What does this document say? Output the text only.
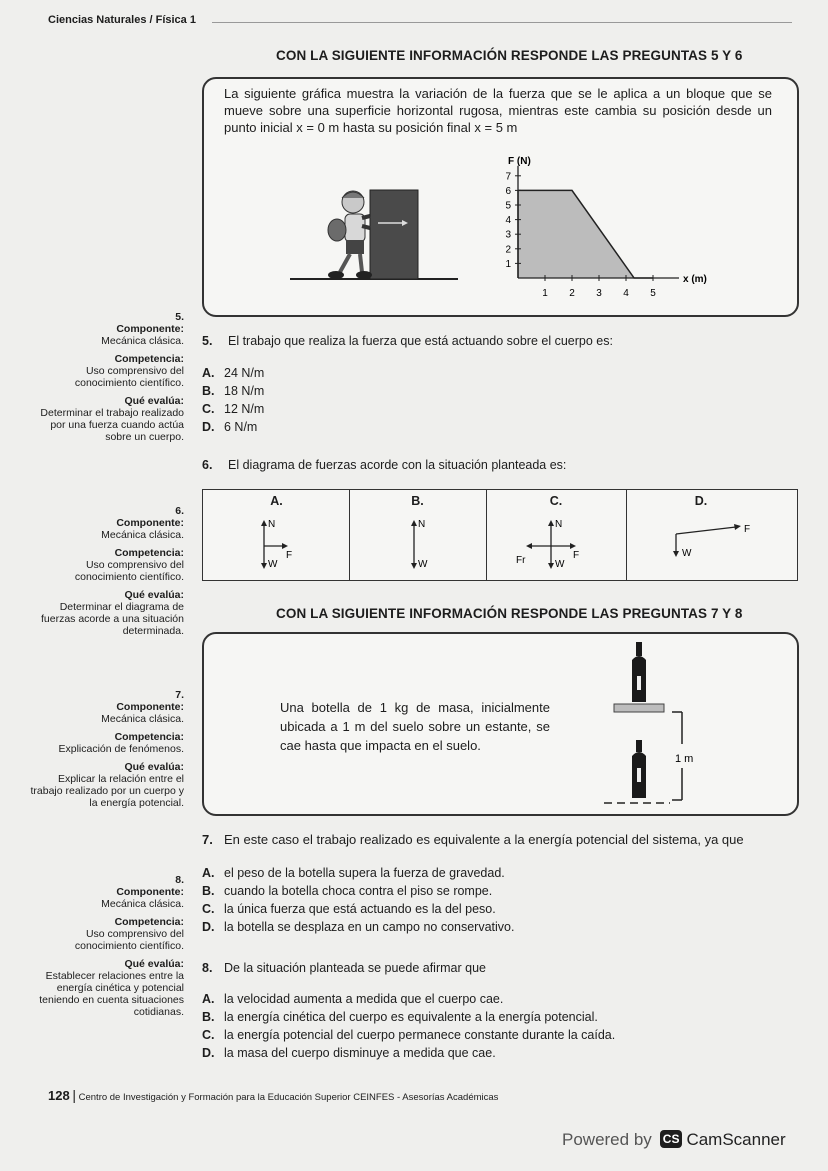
Ciencias Naturales / Física 1
CON LA SIGUIENTE INFORMACIÓN RESPONDE LAS PREGUNTAS 5 Y 6
La siguiente gráfica muestra la variación de la fuerza que se le aplica a un bloque que se mueve sobre una superficie horizontal rugosa, mientras este cambia su posición desde un punto inicial x = 0 m hasta su posición final x = 5 m
1
2
3
4
5
6
7
1 2 3 4 5
F (N)
x (m)
5.
Componente:
Mecánica clásica.
Competencia:
Uso comprensivo del conocimiento científico.
Qué evalúa:
Determinar el trabajo realizado por una fuerza cuando actúa sobre un cuerpo.
5. El trabajo que realiza la fuerza que está actuando sobre el cuerpo es:
A. 24 N/m
B. 18 N/m
C. 12 N/m
D. 6 N/m
6. El diagrama de fuerzas acorde con la situación planteada es:
6.
Componente:
Mecánica clásica.
Competencia:
Uso comprensivo del conocimiento científico.
Qué evalúa:
Determinar el diagrama de fuerzas acorde a una situación determinada.
A.
N
F
W
B.
N
W
C.
N
F
Fr	W
D.
F
W
CON LA SIGUIENTE INFORMACIÓN RESPONDE LAS PREGUNTAS 7 Y 8
Una botella de 1 kg de masa, inicialmente ubicada a 1 m del suelo sobre un estante, se cae hasta que impacta en el suelo.
1 m
7.
Componente:
Mecánica clásica.
Competencia:
Explicación de fenómenos.
Qué evalúa:
Explicar la relación entre el trabajo realizado por un cuerpo y la energía potencial.
7. En este caso el trabajo realizado es equivalente a la energía potencial del sistema, ya que
A. el peso de la botella supera la fuerza de gravedad.
B. cuando la botella choca contra el piso se rompe.
C. la única fuerza que está actuando es la del peso.
D. la botella se desplaza en un campo no conservativo.
8.
Componente:
Mecánica clásica.
Competencia:
Uso comprensivo del conocimiento científico.
Qué evalúa:
Establecer relaciones entre la energía cinética y potencial teniendo en cuenta situaciones cotidianas.
8. De la situación planteada se puede afirmar que
A. la velocidad aumenta a medida que el cuerpo cae.
B. la energía cinética del cuerpo es equivalente a la energía potencial.
C. la energía potencial del cuerpo permanece constante durante la caída.
D. la masa del cuerpo disminuye a medida que cae.
128 | Centro de Investigación y Formación para la Educación Superior CEINFES - Asesorías Académicas
Powered by CS CamScanner
